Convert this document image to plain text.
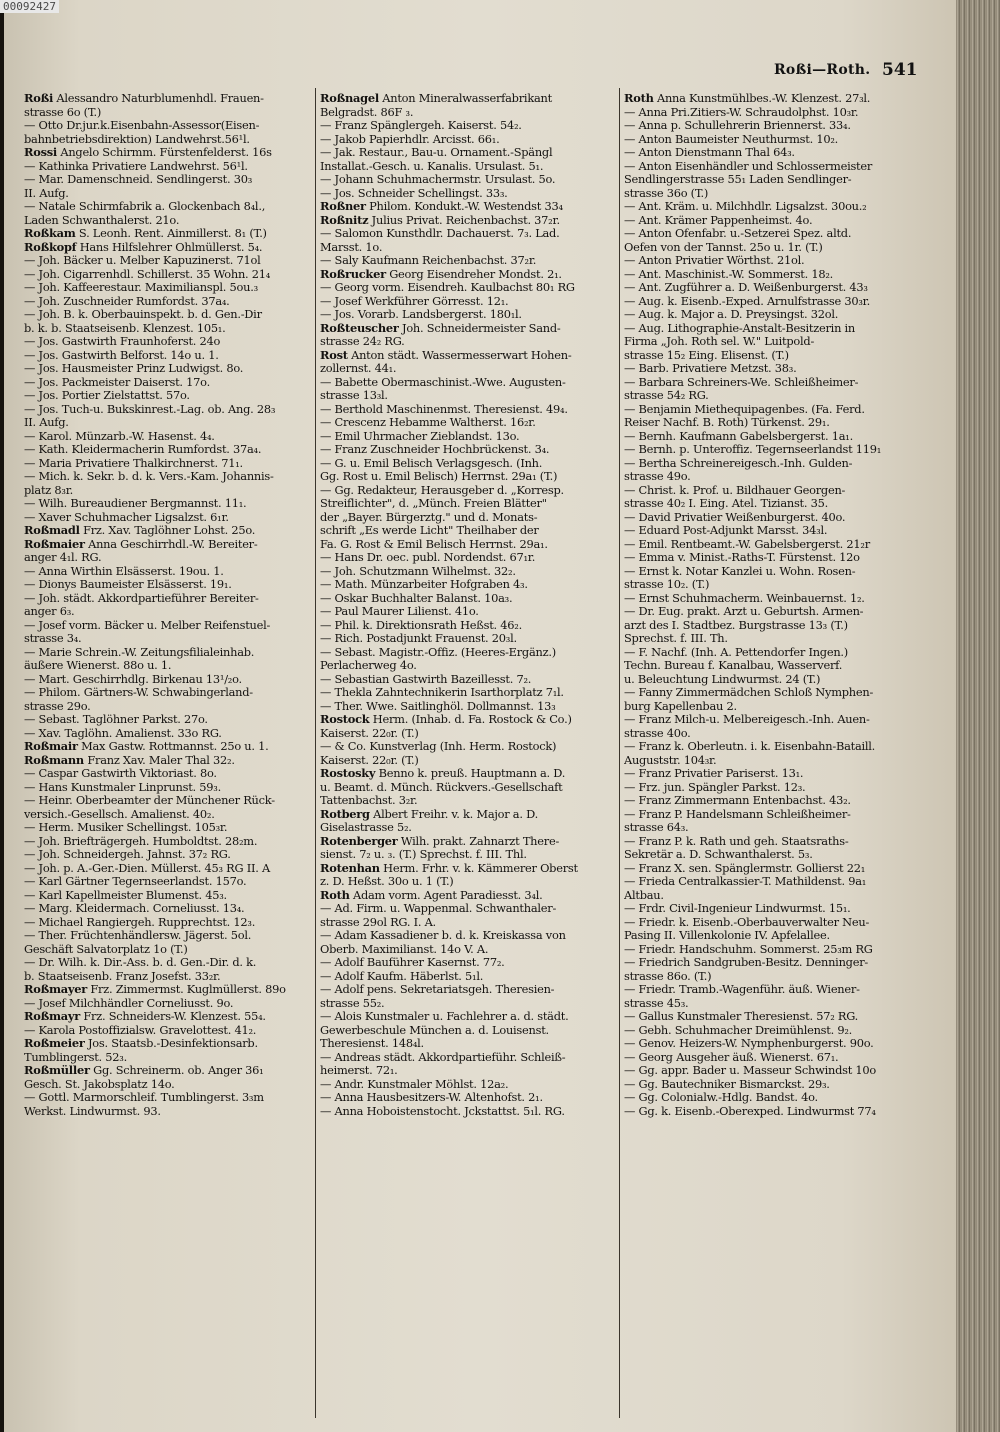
Roßi—Roth. 541
Roßi Alessandro Naturblumenhdl. Frauen-
strasse 6o (T.)
— Otto Dr.jur.k.Eisenbahn-Assessor(Eisen-
bahnbetriebsdirektion) Landwehrst.56¹l.
Rossi Angelo Schirmm. Fürstenfelderst. 16s
— Kathinka Privatiere Landwehrst. 56¹l.
— Mar. Damenschneid. Sendlingerst. 30₃
II. Aufg.
— Natale Schirmfabrik a. Glockenbach 8₄l.,
Laden Schwanthalerst. 21o.
Roßkam S. Leonh. Rent. Ainmillerst. 8₁ (T.)
Roßkopf Hans Hilfslehrer Ohlmüllerst. 5₄.
— Joh. Bäcker u. Melber Kapuzinerst. 71ol
— Joh. Cigarrenhdl. Schillerst. 35 Wohn. 21₄
— Joh. Kaffeerestaur. Maximilianspl. 5ou.₃
— Joh. Zuschneider Rumfordst. 37a₄.
— Joh. B. k. Oberbauinspekt. b. d. Gen.-Dir
b. k. b. Staatseisenb. Klenzest. 105₁.
— Jos. Gastwirth Fraunhoferst. 24o
— Jos. Gastwirth Belforst. 14o u. 1.
— Jos. Hausmeister Prinz Ludwigst. 8o.
— Jos. Packmeister Daiserst. 17o.
— Jos. Portier Zielstattst. 57o.
— Jos. Tuch-u. Bukskinrest.-Lag. ob. Ang. 28₃
II. Aufg.
— Karol. Münzarb.-W. Hasenst. 4₄.
— Kath. Kleidermacherin Rumfordst. 37a₄.
— Maria Privatiere Thalkirchnerst. 71₁.
— Mich. k. Sekr. b. d. k. Vers.-Kam. Johannis-
platz 8₃r.
— Wilh. Bureaudiener Bergmannst. 11₁.
— Xaver Schuhmacher Ligsalzst. 6₁r.
Roßmadl Frz. Xav. Taglöhner Lohst. 25o.
Roßmaier Anna Geschirrhdl.-W. Bereiter-
anger 4₁l. RG.
— Anna Wirthin Elsässerst. 19ou. 1.
— Dionys Baumeister Elsässerst. 19₁.
— Joh. städt. Akkordpartieführer Bereiter-
anger 6₃.
— Josef vorm. Bäcker u. Melber Reifenstuel-
strasse 3₄.
— Marie Schrein.-W. Zeitungsfilialeinhab.
äußere Wienerst. 88o u. 1.
— Mart. Geschirrhdlg. Birkenau 13¹/₂o.
— Philom. Gärtners-W. Schwabingerland-
strasse 29o.
— Sebast. Taglöhner Parkst. 27o.
— Xav. Taglöhn. Amalienst. 33o RG.
Roßmair Max Gastw. Rottmannst. 25o u. 1.
Roßmann Franz Xav. Maler Thal 32₂.
— Caspar Gastwirth Viktoriast. 8o.
— Hans Kunstmaler Linprunst. 59₃.
— Heinr. Oberbeamter der Münchener Rück-
versich.-Gesellsch. Amalienst. 40₂.
— Herm. Musiker Schellingst. 105₃r.
— Joh. Briefträgergeh. Humboldtst. 28₂m.
— Joh. Schneidergeh. Jahnst. 37₂ RG.
— Joh. p. A.-Ger.-Dien. Müllerst. 45₃ RG II. A
— Karl Gärtner Tegernseerlandst. 157o.
— Karl Kapellmeister Blumenst. 45₃.
— Marg. Kleidermach. Corneliusst. 13₄.
— Michael Rangiergeh. Rupprechtst. 12₃.
— Ther. Früchtenhändlersw. Jägerst. 5ol.
Geschäft Salvatorplatz 1o (T.)
— Dr. Wilh. k. Dir.-Ass. b. d. Gen.-Dir. d. k.
b. Staatseisenb. Franz Josefst. 33₂r.
Roßmayer Frz. Zimmermst. Kuglmüllerst. 89o
— Josef Milchhändler Corneliusst. 9o.
Roßmayr Frz. Schneiders-W. Klenzest. 55₄.
— Karola Postoffizialsw. Gravelottest. 41₂.
Roßmeier Jos. Staatsb.-Desinfektionsarb.
Tumblingerst. 52₃.
Roßmüller Gg. Schreinerm. ob. Anger 36₁
Gesch. St. Jakobsplatz 14o.
— Gottl. Marmorschleif. Tumblingerst. 3₃m
Werkst. Lindwurmst. 93.
Roßnagel Anton Mineralwasserfabrikant
Belgradst. 86F ₃.
— Franz Spänglergeh. Kaiserst. 54₂.
— Jakob Papierhdlr. Arcisst. 66₁.
— Jak. Restaur., Bau-u. Ornament.-Spängl
Installat.-Gesch. u. Kanalis. Ursulast. 5₁.
— Johann Schuhmachermstr. Ursulast. 5o.
— Jos. Schneider Schellingst. 33₃.
Roßner Philom. Kondukt.-W. Westendst 33₄
Roßnitz Julius Privat. Reichenbachst. 37₂r.
— Salomon Kunsthdlr. Dachauerst. 7₃. Lad.
Marsst. 1o.
— Saly Kaufmann Reichenbachst. 37₂r.
Roßrucker Georg Eisendreher Mondst. 2₁.
— Georg vorm. Eisendreh. Kaulbachst 80₁ RG
— Josef Werkführer Görresst. 12₁.
— Jos. Vorarb. Landsbergerst. 180₁l.
Roßteuscher Joh. Schneidermeister Sand-
strasse 24₂ RG.
Rost Anton städt. Wassermesserwart Hohen-
zollernst. 44₁.
— Babette Obermaschinist.-Wwe. Augusten-
strasse 13₃l.
— Berthold Maschinenmst. Theresienst. 49₄.
— Crescenz Hebamme Waltherst. 16₂r.
— Emil Uhrmacher Zieblandst. 13o.
— Franz Zuschneider Hochbrückenst. 3₄.
— G. u. Emil Belisch Verlagsgesch. (Inh.
Gg. Rost u. Emil Belisch) Herrnst. 29a₁ (T.)
— Gg. Redakteur, Herausgeber d. „Korresp.
Streiflichter", d. „Münch. Freien Blätter"
der „Bayer. Bürgerztg." und d. Monats-
schrift „Es werde Licht" Theilhaber der
Fa. G. Rost & Emil Belisch Herrnst. 29a₁.
— Hans Dr. oec. publ. Nordendst. 67₁r.
— Joh. Schutzmann Wilhelmst. 32₂.
— Math. Münzarbeiter Hofgraben 4₃.
— Oskar Buchhalter Balanst. 10a₃.
— Paul Maurer Lilienst. 41o.
— Phil. k. Direktionsrath Heßst. 46₂.
— Rich. Postadjunkt Frauenst. 20₃l.
— Sebast. Magistr.-Offiz. (Heeres-Ergänz.)
Perlacherweg 4o.
— Sebastian Gastwirth Bazeillesst. 7₂.
— Thekla Zahntechnikerin Isarthorplatz 7₁l.
— Ther. Wwe. Saitlinghöl. Dollmannst. 13₃
Rostock Herm. (Inhab. d. Fa. Rostock & Co.)
Kaiserst. 22₀r. (T.)
— & Co. Kunstverlag (Inh. Herm. Rostock)
Kaiserst. 22₀r. (T.)
Rostosky Benno k. preuß. Hauptmann a. D.
u. Beamt. d. Münch. Rückvers.-Gesellschaft
Tattenbachst. 3₂r.
Rotberg Albert Freihr. v. k. Major a. D.
Giselastrasse 5₂.
Rotenberger Wilh. prakt. Zahnarzt There-
sienst. 7₂ u. ₃. (T.) Sprechst. f. III. Thl.
Rotenhan Herm. Frhr. v. k. Kämmerer Oberst
z. D. Heßst. 30o u. 1 (T.)
Roth Adam vorm. Agent Paradiesst. 3₄l.
— Ad. Firm. u. Wappenmal. Schwanthaler-
strasse 29ol RG. I. A.
— Adam Kassadiener b. d. k. Kreiskassa von
Oberb. Maximilianst. 14o V. A.
— Adolf Bauführer Kasernst. 77₂.
— Adolf Kaufm. Häberlst. 5₁l.
— Adolf pens. Sekretariatsgeh. Theresien-
strasse 55₂.
— Alois Kunstmaler u. Fachlehrer a. d. städt.
Gewerbeschule München a. d. Louisenst.
Theresienst. 148₄l.
— Andreas städt. Akkordpartieführ. Schleiß-
heimerst. 72₁.
— Andr. Kunstmaler Möhlst. 12a₂.
— Anna Hausbesitzers-W. Altenhofst. 2₁.
— Anna Hoboistenstocht. Jckstattst. 5₁l. RG.
Roth Anna Kunstmühlbes.-W. Klenzest. 27₃l.
— Anna Pri.Zitiers-W. Schraudolphst. 10₃r.
— Anna p. Schullehrerin Briennerst. 33₄.
— Anton Baumeister Neuthurmst. 10₂.
— Anton Dienstmann Thal 64₃.
— Anton Eisenhändler und Schlossermeister
Sendlingerstrasse 55₁ Laden Sendlinger-
strasse 36o (T.)
— Ant. Kräm. u. Milchhdlr. Ligsalzst. 30ou.₂
— Ant. Krämer Pappenheimst. 4o.
— Anton Ofenfabr. u.-Setzerei Spez. altd.
Oefen von der Tannst. 25o u. 1r. (T.)
— Anton Privatier Wörthst. 21ol.
— Ant. Maschinist.-W. Sommerst. 18₂.
— Ant. Zugführer a. D. Weißenburgerst. 43₃
— Aug. k. Eisenb.-Exped. Arnulfstrasse 30₃r.
— Aug. k. Major a. D. Preysingst. 32ol.
— Aug. Lithographie-Anstalt-Besitzerin in
Firma „Joh. Roth sel. W." Luitpold-
strasse 15₂ Eing. Elisenst. (T.)
— Barb. Privatiere Metzst. 38₃.
— Barbara Schreiners-We. Schleißheimer-
strasse 54₂ RG.
— Benjamin Miethequipagenbes. (Fa. Ferd.
Reiser Nachf. B. Roth) Türkenst. 29₁.
— Bernh. Kaufmann Gabelsbergerst. 1a₁.
— Bernh. p. Unteroffiz. Tegernseerlandst 119₁
— Bertha Schreinereigesch.-Inh. Gulden-
strasse 49o.
— Christ. k. Prof. u. Bildhauer Georgen-
strasse 40₂ I. Eing. Atel. Tizianst. 35.
— David Privatier Weißenburgerst. 40o.
— Eduard Post-Adjunkt Marsst. 34₃l.
— Emil. Rentbeamt.-W. Gabelsbergerst. 21₂r
— Emma v. Minist.-Raths-T. Fürstenst. 12o
— Ernst k. Notar Kanzlei u. Wohn. Rosen-
strasse 10₂. (T.)
— Ernst Schuhmacherm. Weinbauernst. 1₂.
— Dr. Eug. prakt. Arzt u. Geburtsh. Armen-
arzt des I. Stadtbez. Burgstrasse 13₃ (T.)
Sprechst. f. III. Th.
— F. Nachf. (Inh. A. Pettendorfer Ingen.)
Techn. Bureau f. Kanalbau, Wasserverf.
u. Beleuchtung Lindwurmst. 24 (T.)
— Fanny Zimmermädchen Schloß Nymphen-
burg Kapellenbau 2.
— Franz Milch-u. Melbereigesch.-Inh. Auen-
strasse 40o.
— Franz k. Oberleutn. i. k. Eisenbahn-Bataill.
Auguststr. 104₃r.
— Franz Privatier Pariserst. 13₁.
— Frz. jun. Spängler Parkst. 12₃.
— Franz Zimmermann Entenbachst. 43₂.
— Franz P. Handelsmann Schleißheimer-
strasse 64₃.
— Franz P. k. Rath und geh. Staatsraths-
Sekretär a. D. Schwanthalerst. 5₃.
— Franz X. sen. Spänglermstr. Gollierst 22₁
— Frieda Centralkassier-T. Mathildenst. 9a₁
Altbau.
— Frdr. Civil-Ingenieur Lindwurmst. 15₁.
— Friedr. k. Eisenb.-Oberbauverwalter Neu-
Pasing II. Villenkolonie IV. Apfelallee.
— Friedr. Handschuhm. Sommerst. 25₃m RG
— Friedrich Sandgruben-Besitz. Denninger-
strasse 86o. (T.)
— Friedr. Tramb.-Wagenführ. äuß. Wiener-
strasse 45₃.
— Gallus Kunstmaler Theresienst. 57₂ RG.
— Gebh. Schuhmacher Dreimühlenst. 9₂.
— Genov. Heizers-W. Nymphenburgerst. 90o.
— Georg Ausgeher äuß. Wienerst. 67₁.
— Gg. appr. Bader u. Masseur Schwindst 10o
— Gg. Bautechniker Bismarckst. 29₃.
— Gg. Colonialw.-Hdlg. Bandst. 4o.
— Gg. k. Eisenb.-Oberexped. Lindwurmst 77₄
00092427
